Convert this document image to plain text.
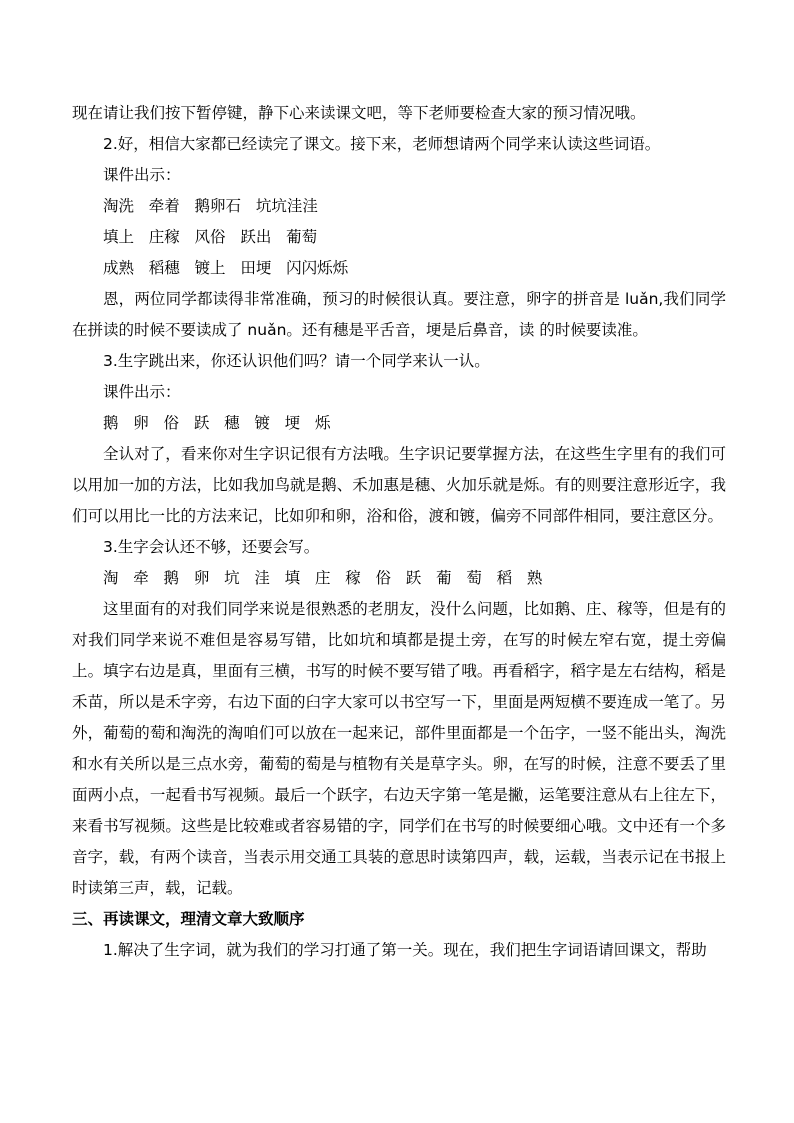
现在请让我们按下暂停键，静下心来读课文吧，等下老师要检查大家的预习情况哦。

2.好，相信大家都已经读完了课文。接下来，老师想请两个同学来认读这些词语。

课件出示：

淘洗   牵着   鹅卵石   坑坑洼洼

填上   庄稼   风俗   跃出   葡萄

成熟   稻穗   镀上   田埂   闪闪烁烁

恩，两位同学都读得非常准确，预习的时候很认真。要注意，卵字的拼音是 luǎn,我们同学在拼读的时候不要读成了 nuǎn。还有穗是平舌音，埂是后鼻音，读 的时候要读准。

3.生字跳出来，你还认识他们吗？请一个同学来认一认。

课件出示：

鹅   卵   俗   跃   穗   镀   埂   烁

全认对了，看来你对生字识记很有方法哦。生字识记要掌握方法，在这些生字里有的我们可以用加一加的方法，比如我加鸟就是鹅、禾加惠是穗、火加乐就是烁。有的则要注意形近字，我们可以用比一比的方法来记，比如卯和卵，浴和俗，渡和镀，偏旁不同部件相同，要注意区分。

3.生字会认还不够，还要会写。

淘   牵   鹅   卵   坑   洼   填   庄   稼   俗   跃   葡   萄   稻   熟

这里面有的对我们同学来说是很熟悉的老朋友，没什么问题，比如鹅、庄、稼等，但是有的对我们同学来说不难但是容易写错，比如坑和填都是提土旁，在写的时候左窄右宽，提土旁偏上。填字右边是真，里面有三横，书写的时候不要写错了哦。再看稻字，稻字是左右结构，稻是禾苗，所以是禾字旁，右边下面的臼字大家可以书空写一下，里面是两短横不要连成一笔了。另外，葡萄的萄和淘洗的淘咱们可以放在一起来记，部件里面都是一个缶字，一竖不能出头，淘洗和水有关所以是三点水旁，葡萄的萄是与植物有关是草字头。卵，在写的时候，注意不要丢了里面两小点，一起看书写视频。最后一个跃字，右边天字第一笔是撇，运笔要注意从右上往左下，来看书写视频。这些是比较难或者容易错的字，同学们在书写的时候要细心哦。文中还有一个多音字，载，有两个读音，当表示用交通工具装的意思时读第四声，载，运载，当表示记在书报上时读第三声，载，记载。

三、再读课文，理清文章大致顺序

1.解决了生字词，就为我们的学习打通了第一关。现在，我们把生字词语请回课文，帮助
